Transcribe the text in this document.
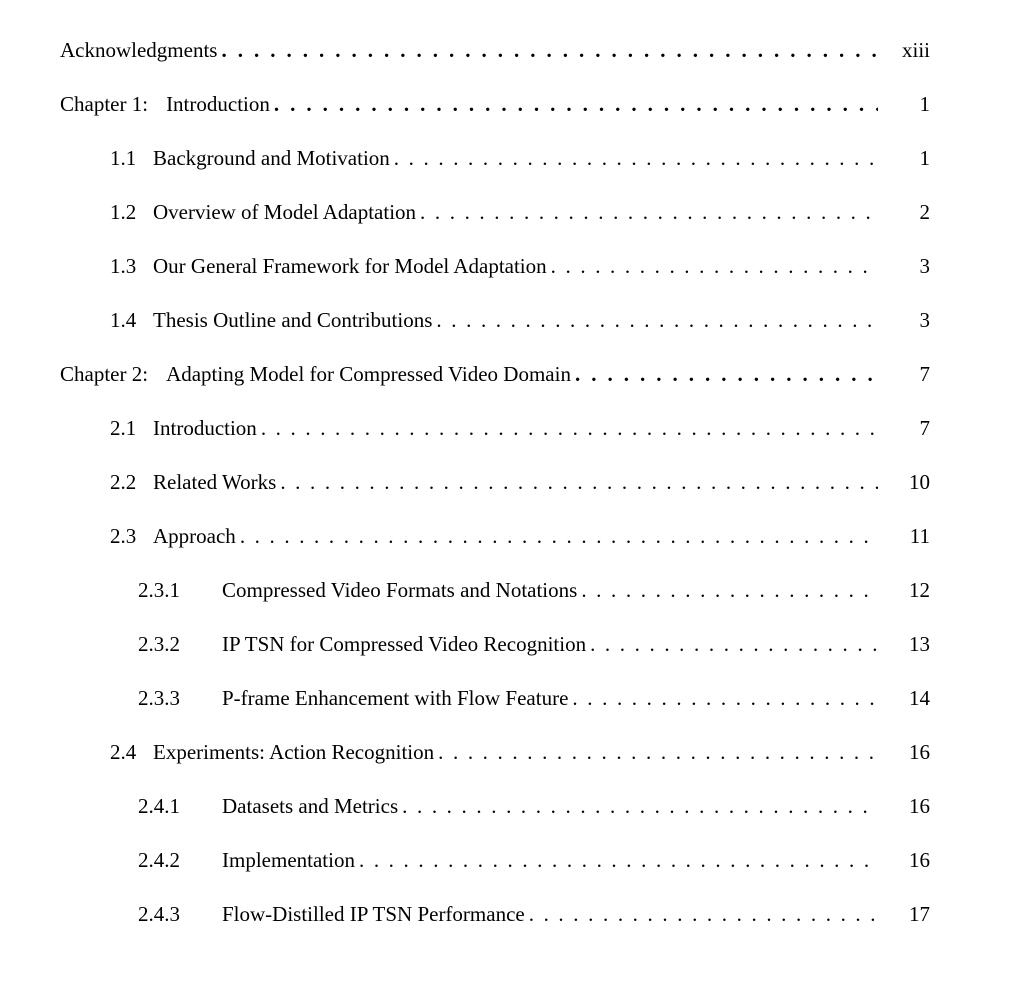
Acknowledgments .....	xiii
Chapter 1: Introduction .....	1
1.1 Background and Motivation .....	1
1.2 Overview of Model Adaptation .....	2
1.3 Our General Framework for Model Adaptation .....	3
1.4 Thesis Outline and Contributions .....	3
Chapter 2: Adapting Model for Compressed Video Domain .....	7
2.1 Introduction .....	7
2.2 Related Works .....	10
2.3 Approach .....	11
2.3.1	Compressed Video Formats and Notations .....	12
2.3.2	IP TSN for Compressed Video Recognition .....	13
2.3.3	P-frame Enhancement with Flow Feature .....	14
2.4 Experiments: Action Recognition .....	16
2.4.1	Datasets and Metrics .....	16
2.4.2	Implementation .....	16
2.4.3	Flow-Distilled IP TSN Performance .....	17
